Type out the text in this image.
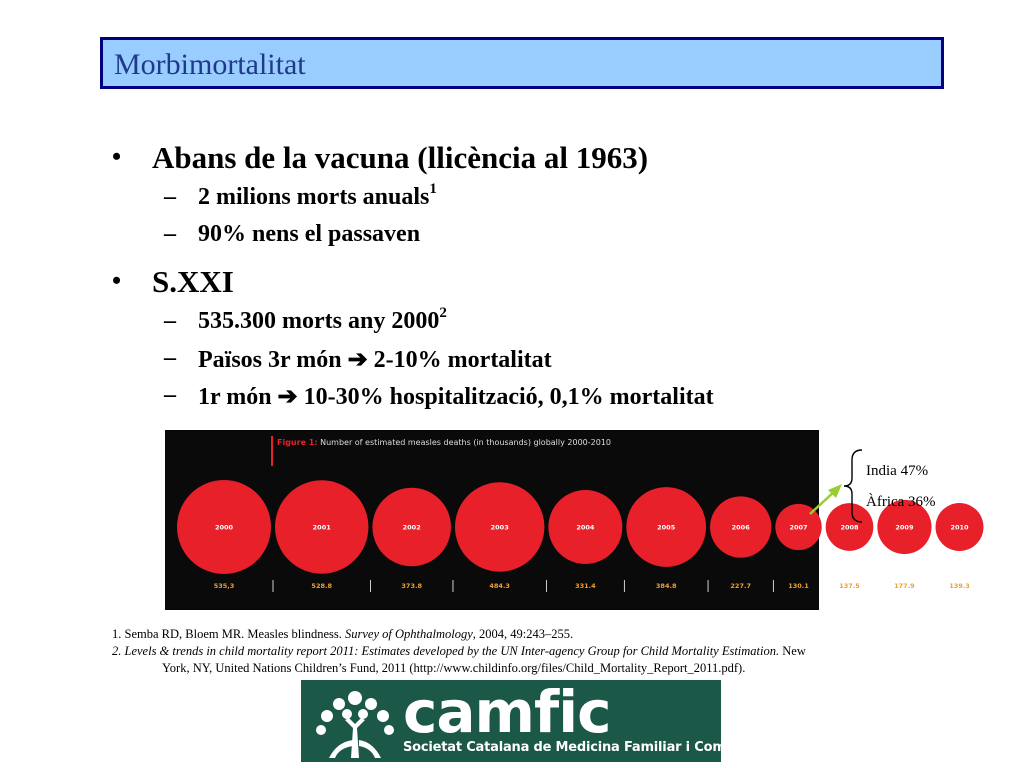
Morbimortalitat
• Abans de la vacuna (llicència al 1963)
– 2 milions morts anuals$^1$
– 90% nens el passaven
• S.XXI
– 535.300 morts any 2000$^2$
– Països 3r món ➔ 2-10% mortalitat
– 1r món ➔ 10-30% hospitalització, 0,1% mortalitat
Figure 1: Number of estimated measles deaths (in thousands) globally 2000-2010
2000
535,3
2001
528.8
2002
373.8
2003
484.3
2004
331.4
2005
384.8
2006
227.7
2007
130.1
2008
137.5
2009
177.9
2010
139.3
India 47%
Àfrica 36%
1. Semba RD, Bloem MR. Measles blindness. Survey of Ophthalmology, 2004, 49:243–255.
2. Levels & trends in child mortality report 2011: Estimates developed by the UN Inter-agency Group for Child Mortality Estimation. New
York, NY, United Nations Children’s Fund, 2011 (http://www.childinfo.org/files/Child_Mortality_Report_2011.pdf).
camfic
Societat Catalana de Medicina Familiar i Comunitària
